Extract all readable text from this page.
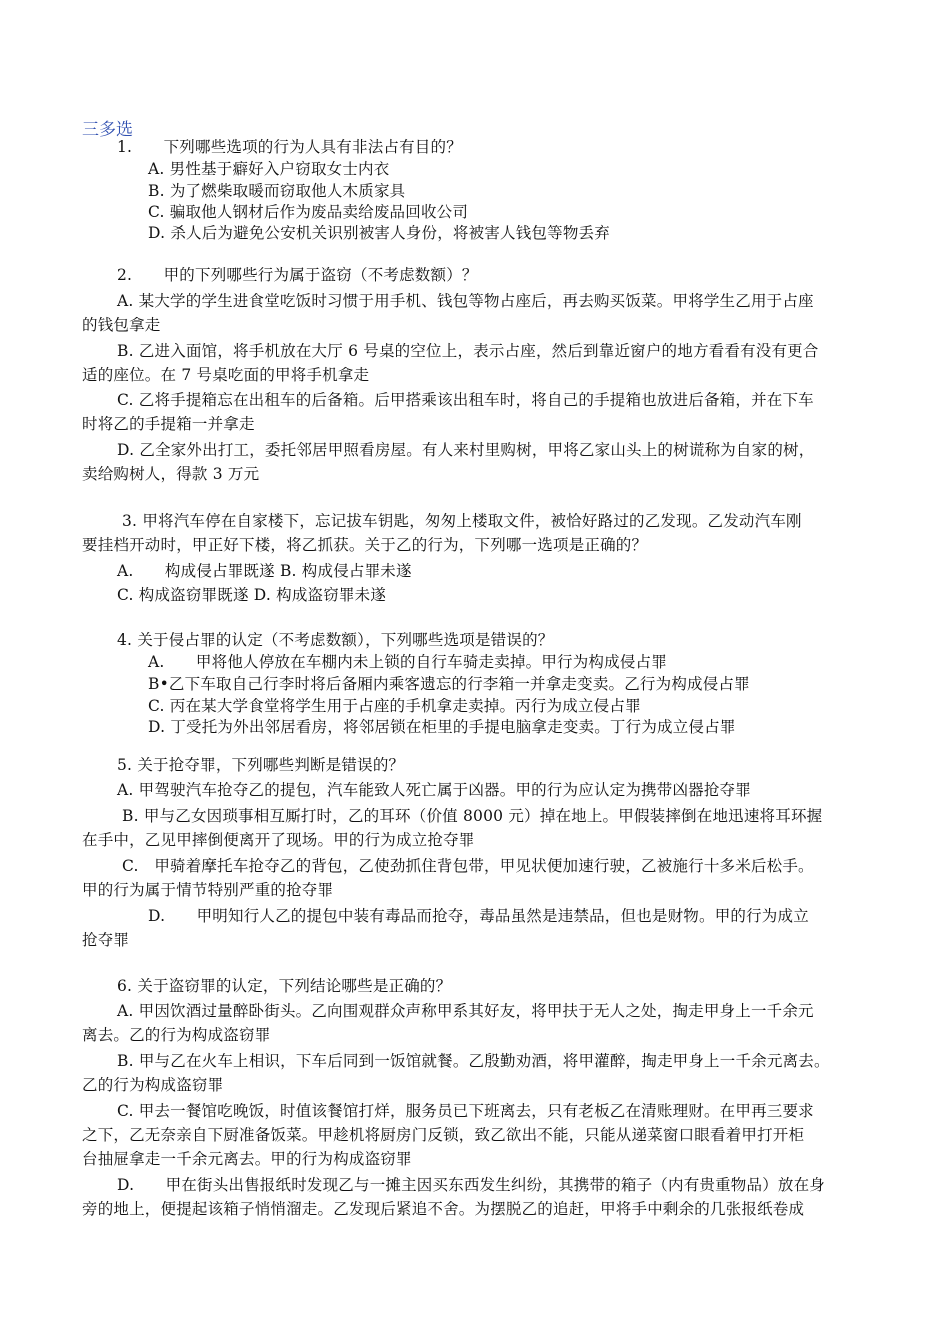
三多选
1.　　下列哪些选项的行为人具有非法占有目的？
A. 男性基于癖好入户窃取女士内衣
B. 为了燃柴取暖而窃取他人木质家具
C. 骗取他人钢材后作为废品卖给废品回收公司
D. 杀人后为避免公安机关识别被害人身份，将被害人钱包等物丢弃
2.　　甲的下列哪些行为属于盗窃（不考虑数额）？
A. 某大学的学生进食堂吃饭时习惯于用手机、钱包等物占座后，再去购买饭菜。甲将学生乙用于占座
的钱包拿走
B. 乙进入面馆，将手机放在大厅 6 号桌的空位上，表示占座，然后到靠近窗户的地方看看有没有更合
适的座位。在 7 号桌吃面的甲将手机拿走
C. 乙将手提箱忘在出租车的后备箱。后甲搭乘该出租车时，将自己的手提箱也放进后备箱，并在下车
时将乙的手提箱一并拿走
D. 乙全家外出打工，委托邻居甲照看房屋。有人来村里购树，甲将乙家山头上的树谎称为自家的树，
卖给购树人，得款 3 万元
3. 甲将汽车停在自家楼下，忘记拔车钥匙，匆匆上楼取文件，被恰好路过的乙发现。乙发动汽车刚
要挂档开动时，甲正好下楼，将乙抓获。关于乙的行为，下列哪一选项是正确的？
A.　　构成侵占罪既遂 B. 构成侵占罪未遂
C. 构成盗窃罪既遂 D. 构成盗窃罪未遂
4. 关于侵占罪的认定（不考虑数额），下列哪些选项是错误的？
A.　　甲将他人停放在车棚内未上锁的自行车骑走卖掉。甲行为构成侵占罪
B•乙下车取自己行李时将后备厢内乘客遗忘的行李箱一并拿走变卖。乙行为构成侵占罪
C. 丙在某大学食堂将学生用于占座的手机拿走卖掉。丙行为成立侵占罪
D. 丁受托为外出邻居看房，将邻居锁在柜里的手提电脑拿走变卖。丁行为成立侵占罪
5. 关于抢夺罪，下列哪些判断是错误的？
A. 甲驾驶汽车抢夺乙的提包，汽车能致人死亡属于凶器。甲的行为应认定为携带凶器抢夺罪
B. 甲与乙女因琐事相互厮打时，乙的耳环（价值 8000 元）掉在地上。甲假装摔倒在地迅速将耳环握
在手中，乙见甲摔倒便离开了现场。甲的行为成立抢夺罪
C.　甲骑着摩托车抢夺乙的背包，乙使劲抓住背包带，甲见状便加速行驶，乙被施行十多米后松手。
甲的行为属于情节特别严重的抢夺罪
D.　　甲明知行人乙的提包中装有毒品而抢夺，毒品虽然是违禁品，但也是财物。甲的行为成立
抢夺罪
6. 关于盗窃罪的认定，下列结论哪些是正确的？
A. 甲因饮酒过量醉卧街头。乙向围观群众声称甲系其好友，将甲扶于无人之处，掏走甲身上一千余元
离去。乙的行为构成盗窃罪
B. 甲与乙在火车上相识，下车后同到一饭馆就餐。乙殷勤劝酒，将甲灌醉，掏走甲身上一千余元离去。
乙的行为构成盗窃罪
C. 甲去一餐馆吃晚饭，时值该餐馆打烊，服务员已下班离去，只有老板乙在清账理财。在甲再三要求
之下，乙无奈亲自下厨准备饭菜。甲趁机将厨房门反锁，致乙欲出不能，只能从递菜窗口眼看着甲打开柜
台抽屉拿走一千余元离去。甲的行为构成盗窃罪
D.　　甲在街头出售报纸时发现乙与一摊主因买东西发生纠纷，其携带的箱子（内有贵重物品）放在身
旁的地上，便提起该箱子悄悄溜走。乙发现后紧追不舍。为摆脱乙的追赶，甲将手中剩余的几张报纸卷成
